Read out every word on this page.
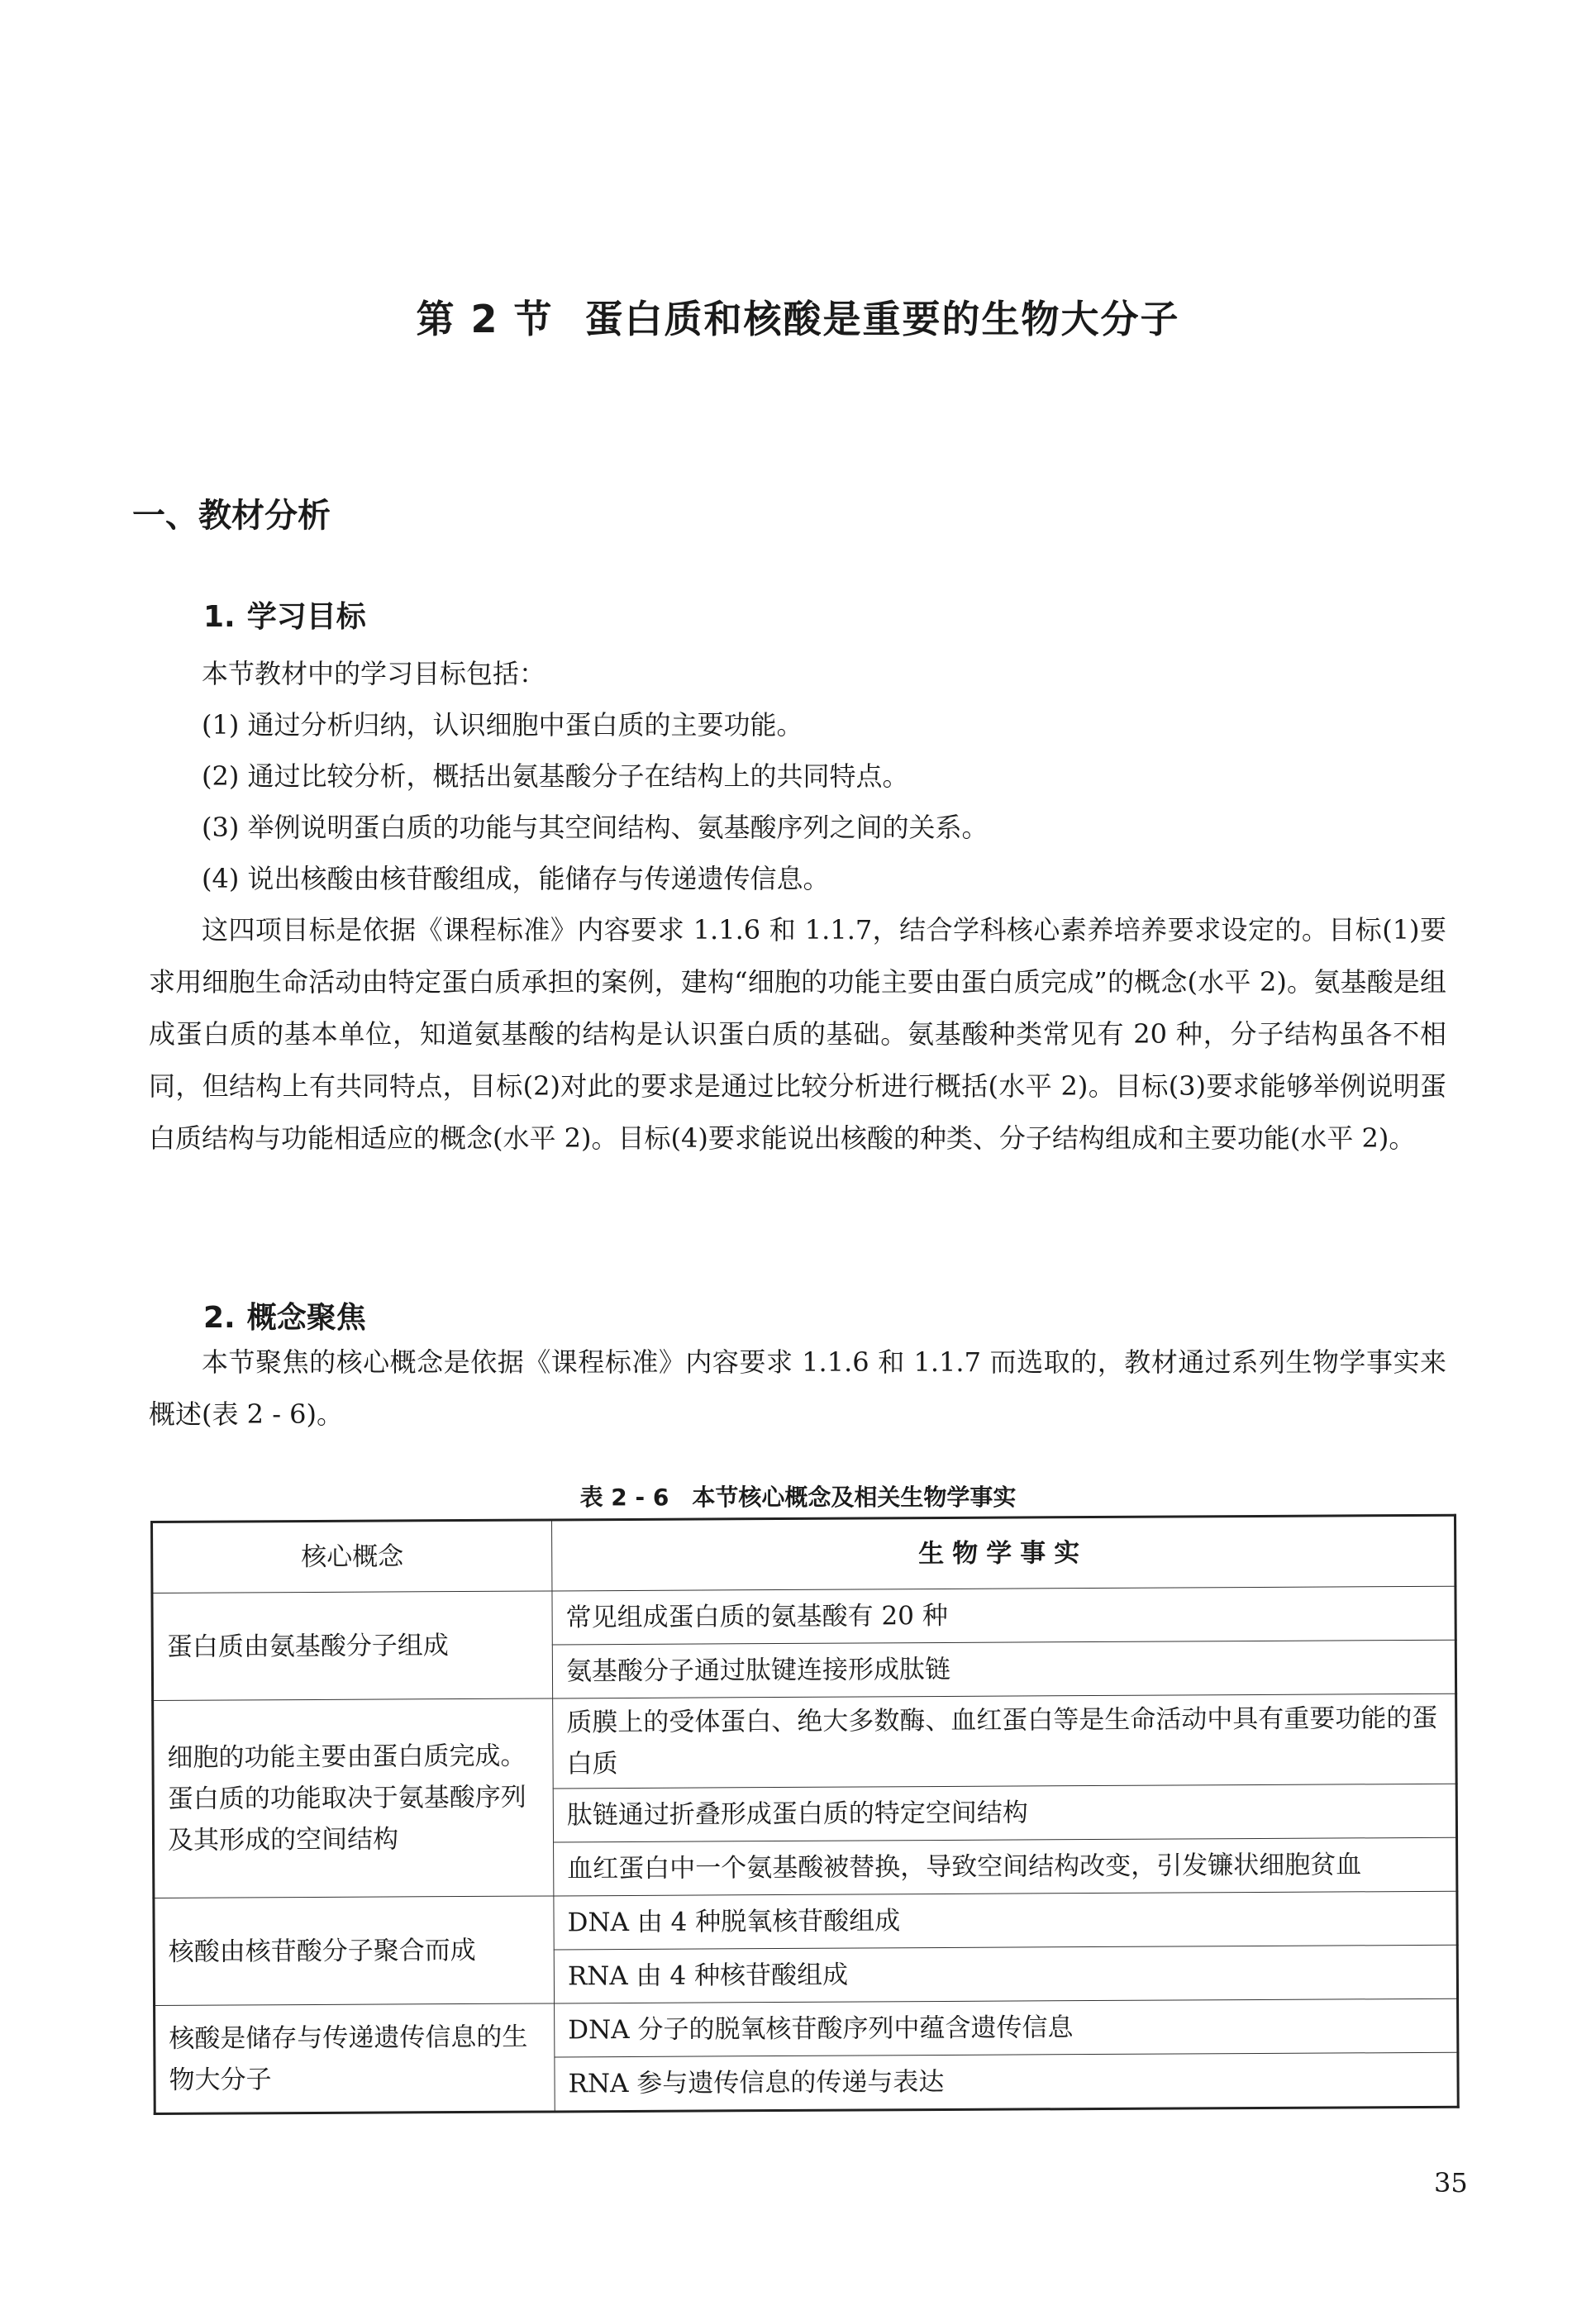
第 2 节 蛋白质和核酸是重要的生物大分子
一、教材分析
1. 学习目标
本节教材中的学习目标包括：
(1) 通过分析归纳，认识细胞中蛋白质的主要功能。
(2) 通过比较分析，概括出氨基酸分子在结构上的共同特点。
(3) 举例说明蛋白质的功能与其空间结构、氨基酸序列之间的关系。
(4) 说出核酸由核苷酸组成，能储存与传递遗传信息。
这四项目标是依据《课程标准》内容要求 1.1.6 和 1.1.7，结合学科核心素养培养要求设定的。目标(1)要求用细胞生命活动由特定蛋白质承担的案例，建构“细胞的功能主要由蛋白质完成”的概念(水平 2)。氨基酸是组成蛋白质的基本单位，知道氨基酸的结构是认识蛋白质的基础。氨基酸种类常见有 20 种，分子结构虽各不相同，但结构上有共同特点，目标(2)对此的要求是通过比较分析进行概括(水平 2)。目标(3)要求能够举例说明蛋白质结构与功能相适应的概念(水平 2)。目标(4)要求能说出核酸的种类、分子结构组成和主要功能(水平 2)。
2. 概念聚焦
本节聚焦的核心概念是依据《课程标准》内容要求 1.1.6 和 1.1.7 而选取的，教材通过系列生物学事实来概述(表 2 - 6)。
表 2 - 6 本节核心概念及相关生物学事实
核心概念	生物学事实
蛋白质由氨基酸分子组成	常见组成蛋白质的氨基酸有 20 种
	氨基酸分子通过肽键连接形成肽链
细胞的功能主要由蛋白质完成。蛋白质的功能取决于氨基酸序列及其形成的空间结构	质膜上的受体蛋白、绝大多数酶、血红蛋白等是生命活动中具有重要功能的蛋白质
	肽链通过折叠形成蛋白质的特定空间结构
	血红蛋白中一个氨基酸被替换，导致空间结构改变，引发镰状细胞贫血
核酸由核苷酸分子聚合而成	DNA 由 4 种脱氧核苷酸组成
	RNA 由 4 种核苷酸组成
核酸是储存与传递遗传信息的生物大分子	DNA 分子的脱氧核苷酸序列中蕴含遗传信息
	RNA 参与遗传信息的传递与表达
35
